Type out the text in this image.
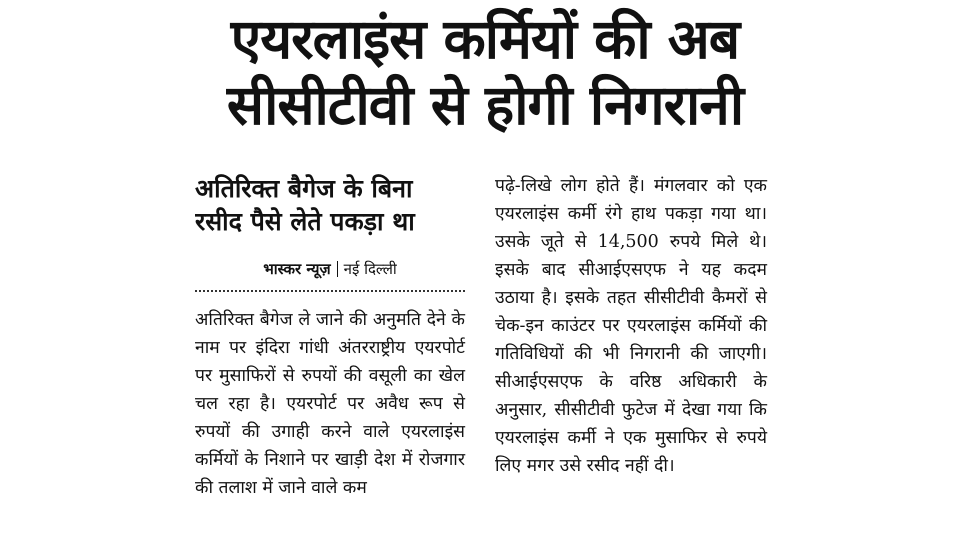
एयरलाइंस कर्मियों की अब सीसीटीवी से होगी निगरानी
अतिरिक्त बैगेज के बिना रसीद पैसे लेते पकड़ा था
भास्कर न्यूज़ नई दिल्ली

अतिरिक्त बैगेज ले जाने की अनुमति देने के नाम पर इंदिरा गांधी अंतरराष्ट्रीय एयरपोर्ट पर मुसाफिरों से रुपयों की वसूली का खेल चल रहा है। एयरपोर्ट पर अवैध रूप से रुपयों की उगाही करने वाले एयरलाइंस कर्मियों के निशाने पर खाड़ी देश में रोजगार की तलाश में जाने वाले कम

पढ़े-लिखे लोग होते हैं। मंगलवार को एक एयरलाइंस कर्मी रंगे हाथ पकड़ा गया था। उसके जूते से 14,500 रुपये मिले थे। इसके बाद सीआईएसएफ ने यह कदम उठाया है। इसके तहत सीसीटीवी कैमरों से चेक-इन काउंटर पर एयरलाइंस कर्मियों की गतिविधियों की भी निगरानी की जाएगी। सीआईएसएफ के वरिष्ठ अधिकारी के अनुसार, सीसीटीवी फुटेज में देखा गया कि एयरलाइंस कर्मी ने एक मुसाफिर से रुपये लिए मगर उसे रसीद नहीं दी।
